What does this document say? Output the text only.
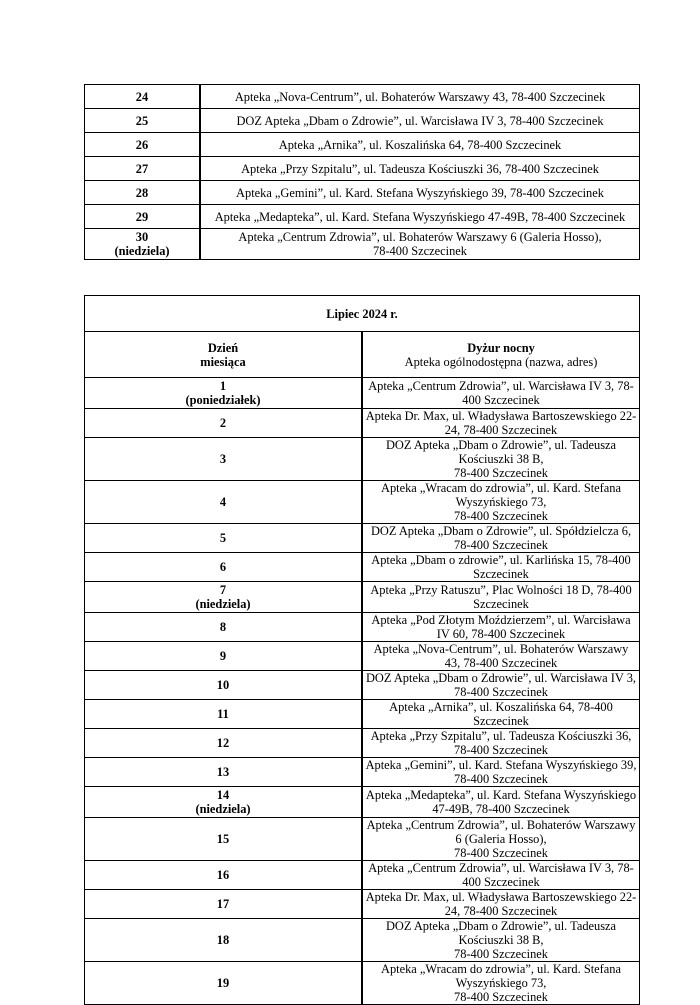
24	Apteka „Nova-Centrum”, ul. Bohaterów Warszawy 43, 78-400 Szczecinek

25	DOZ Apteka „Dbam o Zdrowie”, ul. Warcisława IV 3, 78-400 Szczecinek

26	Apteka „Arnika”, ul. Koszalińska 64, 78-400 Szczecinek

27	Apteka „Przy Szpitalu”, ul. Tadeusza Kościuszki 36, 78-400 Szczecinek

28	Apteka „Gemini”, ul. Kard. Stefana Wyszyńskiego 39, 78-400 Szczecinek

29	Apteka „Medapteka”, ul. Kard. Stefana Wyszyńskiego 47-49B, 78-400 Szczecinek

30
(niedziela)	Apteka „Centrum Zdrowia”, ul. Bohaterów Warszawy 6 (Galeria Hosso),
78-400 Szczecinek
Lipiec 2024 r.	

Dzień
miesiąca	Dyżur nocny
Apteka ogólnodostępna (nazwa, adres)

1
(poniedziałek)	Apteka „Centrum Zdrowia”, ul. Warcisława IV 3, 78-400 Szczecinek

2	Apteka Dr. Max, ul. Władysława Bartoszewskiego 22-24, 78-400 Szczecinek

3	DOZ Apteka „Dbam o Zdrowie”, ul. Tadeusza Kościuszki 38 B,
78-400 Szczecinek

4	Apteka „Wracam do zdrowia”, ul. Kard. Stefana Wyszyńskiego 73,
78-400 Szczecinek

5	DOZ Apteka „Dbam o Zdrowie”, ul. Spółdzielcza 6, 78-400 Szczecinek

6	Apteka „Dbam o zdrowie”, ul. Karlińska 15, 78-400 Szczecinek

7
(niedziela)	Apteka „Przy Ratuszu”, Plac Wolności 18 D, 78-400 Szczecinek

8	Apteka „Pod Złotym Moździerzem”, ul. Warcisława IV 60, 78-400 Szczecinek

9	Apteka „Nova-Centrum”, ul. Bohaterów Warszawy 43, 78-400 Szczecinek

10	DOZ Apteka „Dbam o Zdrowie”, ul. Warcisława IV 3, 78-400 Szczecinek

11	Apteka „Arnika”, ul. Koszalińska 64, 78-400 Szczecinek

12	Apteka „Przy Szpitalu”, ul. Tadeusza Kościuszki 36, 78-400 Szczecinek

13	Apteka „Gemini”, ul. Kard. Stefana Wyszyńskiego 39, 78-400 Szczecinek

14
(niedziela)	Apteka „Medapteka”, ul. Kard. Stefana Wyszyńskiego 47-49B, 78-400 Szczecinek

15	Apteka „Centrum Zdrowia”, ul. Bohaterów Warszawy 6 (Galeria Hosso),
78-400 Szczecinek

16	Apteka „Centrum Zdrowia”, ul. Warcisława IV 3, 78-400 Szczecinek

17	Apteka Dr. Max, ul. Władysława Bartoszewskiego 22-24, 78-400 Szczecinek

18	DOZ Apteka „Dbam o Zdrowie”, ul. Tadeusza Kościuszki 38 B,
78-400 Szczecinek

19	Apteka „Wracam do zdrowia”, ul. Kard. Stefana Wyszyńskiego 73,
78-400 Szczecinek
